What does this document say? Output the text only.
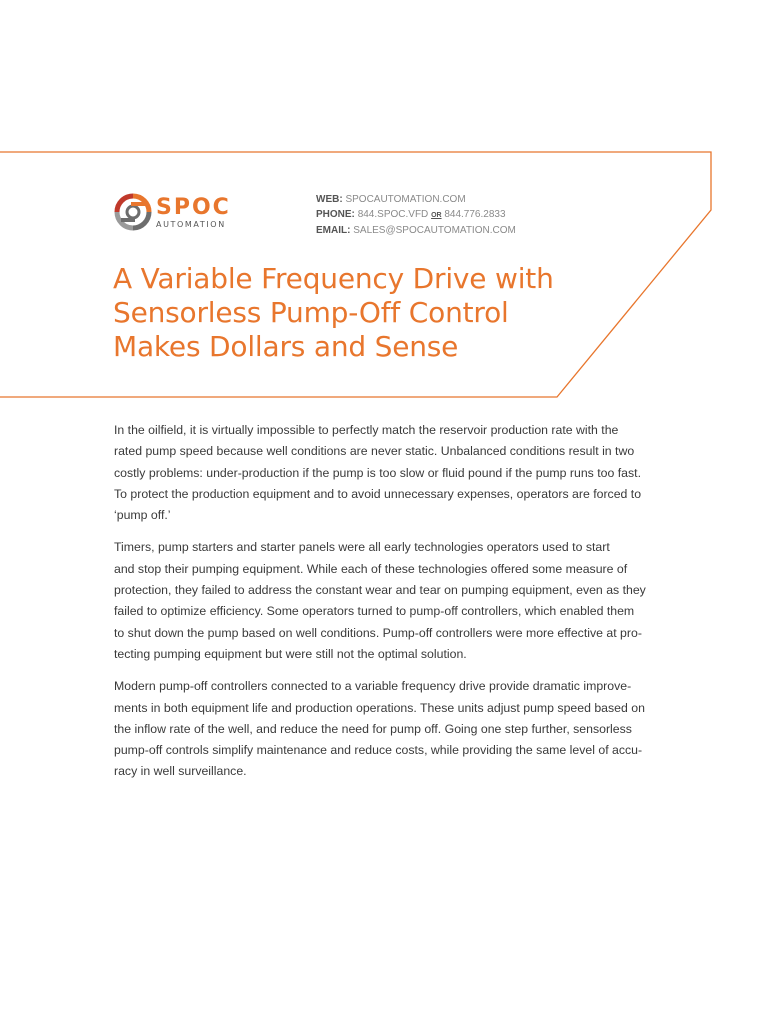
SPOC
AUTOMATION
WEB: SPOCAUTOMATION.COM
PHONE: 844.SPOC.VFD OR 844.776.2833
EMAIL: SALES@SPOCAUTOMATION.COM
A Variable Frequency Drive with
Sensorless Pump-Off Control
Makes Dollars and Sense

In the oilfield, it is virtually impossible to perfectly match the reservoir production rate with the
rated pump speed because well conditions are never static. Unbalanced conditions result in two
costly problems: under-production if the pump is too slow or fluid pound if the pump runs too fast.
To protect the production equipment and to avoid unnecessary expenses, operators are forced to
‘pump off.’

Timers, pump starters and starter panels were all early technologies operators used to start
and stop their pumping equipment. While each of these technologies offered some measure of
protection, they failed to address the constant wear and tear on pumping equipment, even as they
failed to optimize efficiency. Some operators turned to pump-off controllers, which enabled them
to shut down the pump based on well conditions. Pump-off controllers were more effective at pro-
tecting pumping equipment but were still not the optimal solution.

Modern pump-off controllers connected to a variable frequency drive provide dramatic improve-
ments in both equipment life and production operations. These units adjust pump speed based on
the inflow rate of the well, and reduce the need for pump off. Going one step further, sensorless
pump-off controls simplify maintenance and reduce costs, while providing the same level of accu-
racy in well surveillance.
